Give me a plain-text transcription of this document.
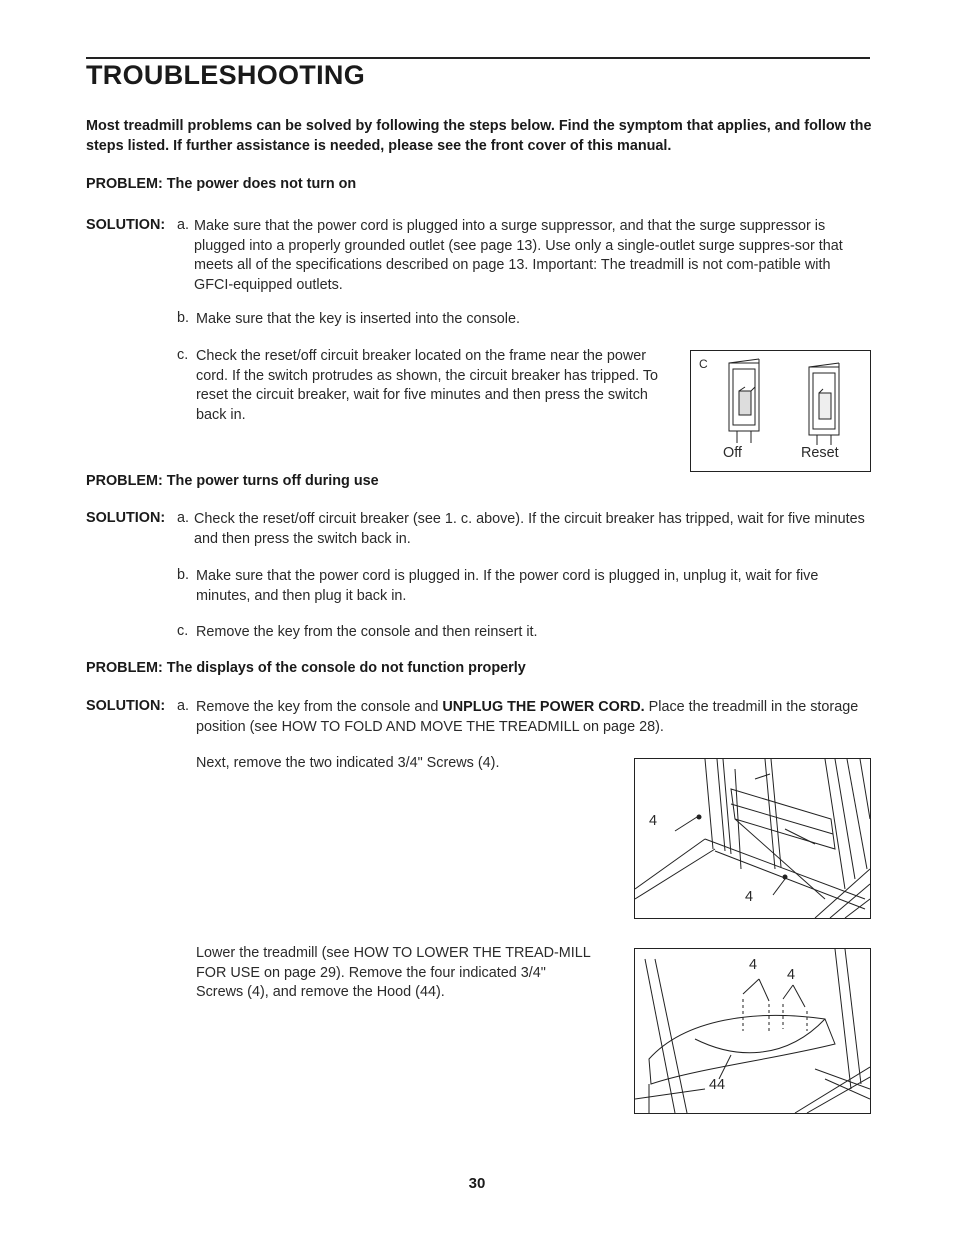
TROUBLESHOOTING
Most treadmill problems can be solved by following the steps below. Find the symptom that applies, and follow the steps listed. If further assistance is needed, please see the front cover of this manual.
PROBLEM: The power does not turn on
SOLUTION: a. Make sure that the power cord is plugged into a surge suppressor, and that the surge suppressor is plugged into a properly grounded outlet (see page 13). Use only a single-outlet surge suppres-sor that meets all of the specifications described on page 13. Important: The treadmill is not com-patible with GFCI-equipped outlets.
b. Make sure that the key is inserted into the console.
c. Check the reset/off circuit breaker located on the frame near the power cord. If the switch protrudes as shown, the circuit breaker has tripped. To reset the circuit breaker, wait for five minutes and then press the switch back in.
C
Off	Reset
PROBLEM: The power turns off during use
SOLUTION: a. Check the reset/off circuit breaker (see 1. c. above). If the circuit breaker has tripped, wait for five minutes and then press the switch back in.
b. Make sure that the power cord is plugged in. If the power cord is plugged in, unplug it, wait for five minutes, and then plug it back in.
c. Remove the key from the console and then reinsert it.
PROBLEM: The displays of the console do not function properly
SOLUTION: a. Remove the key from the console and UNPLUG THE POWER CORD. Place the treadmill in the storage position (see HOW TO FOLD AND MOVE THE TREADMILL on page 28).
Next, remove the two indicated 3/4" Screws (4).
4
4
Lower the treadmill (see HOW TO LOWER THE TREAD-MILL FOR USE on page 29). Remove the four indicated 3/4" Screws (4), and remove the Hood (44).
4
4
44
30
